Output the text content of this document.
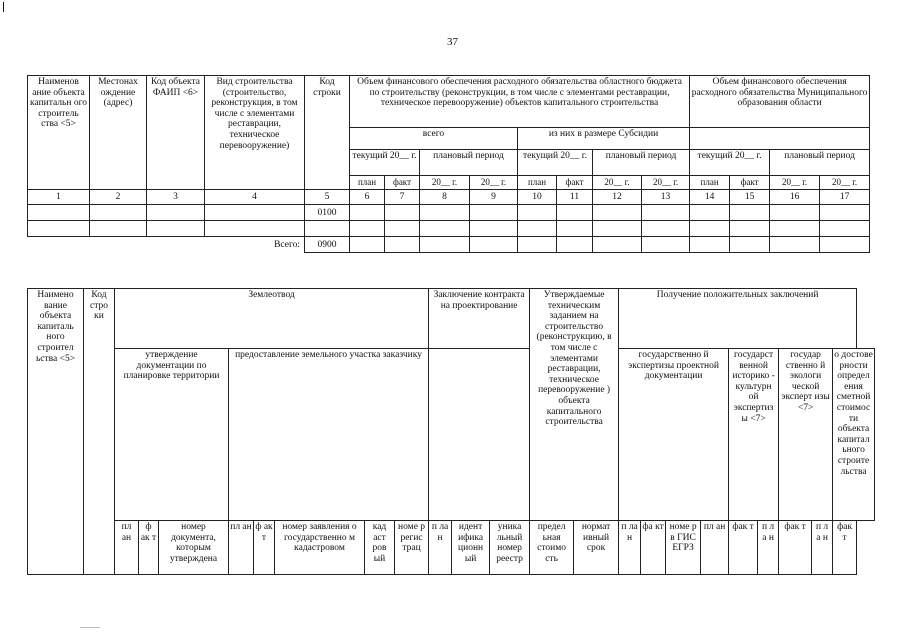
37
Наименов ание объекта капитальн ого строитель ства <5>	Местонах ождение (адрес)	Код объекта ФАИП <6>	Вид строительства (строительство, реконструкция, в том числе с элементами реставрации, техническое перевооружение)	Код строки	Объем финансового обеспечения расходного обязательства областного бюджета по строительству (реконструкции, в том числе с элементами реставрации, техническое перевооружение) объектов капитального строительства								Объем финансового обеспечения расходного обязательства Муниципального образования области			
					всего				из них в размере Субсидии							
					текущий 20__ г.		плановый период		текущий 20__ г.		плановый период		текущий 20__ г.		плановый период	
					план	факт	20__ г.	20__ г.	план	факт	20__ г.	20__ г.	план	факт	20__ г.	20__ г.
1	2	3	4	5	6	7	8	9	10	11	12	13	14	15	16	17
				0100												

Всего:				0900												
Наимено вание объекта капиталь ного строител ьства <5>	Код стро ки	Землеотвод								Заключение контракта на проектирование			Утверждаемые техническим заданием на строительство (реконструкцию, в том числе с элементами реставрации, техническое перевооружение ) объекта капитального строительства		Получение положительных заключений								
		утверждение документации по планировке территории			предоставление земельного участка заказчику										государственно й экспертизы проектной документации				государст венной историко - культурн ой экспертиз ы <7>		государ ственно й экологи ческой эксперт изы <7>		о достове рности определ ения сметной стоимос ти объекта капитал ьного строите льства
		пл ан	ф ак т	номер документа, которым утверждена	пл ан	ф ак т	номер заявления о государственно м кадастровом	кад аст ров ый	номе р регис трац	п ла н	идент ифика ционн ый	уника льный номер реестр	предел ьная стоимо сть	нормат ивный срок	п ла н	фа кт	номе р в ГИС ЕГРЗ	пл ан	фак т	п л а н	фак т	п л а н	фак т
